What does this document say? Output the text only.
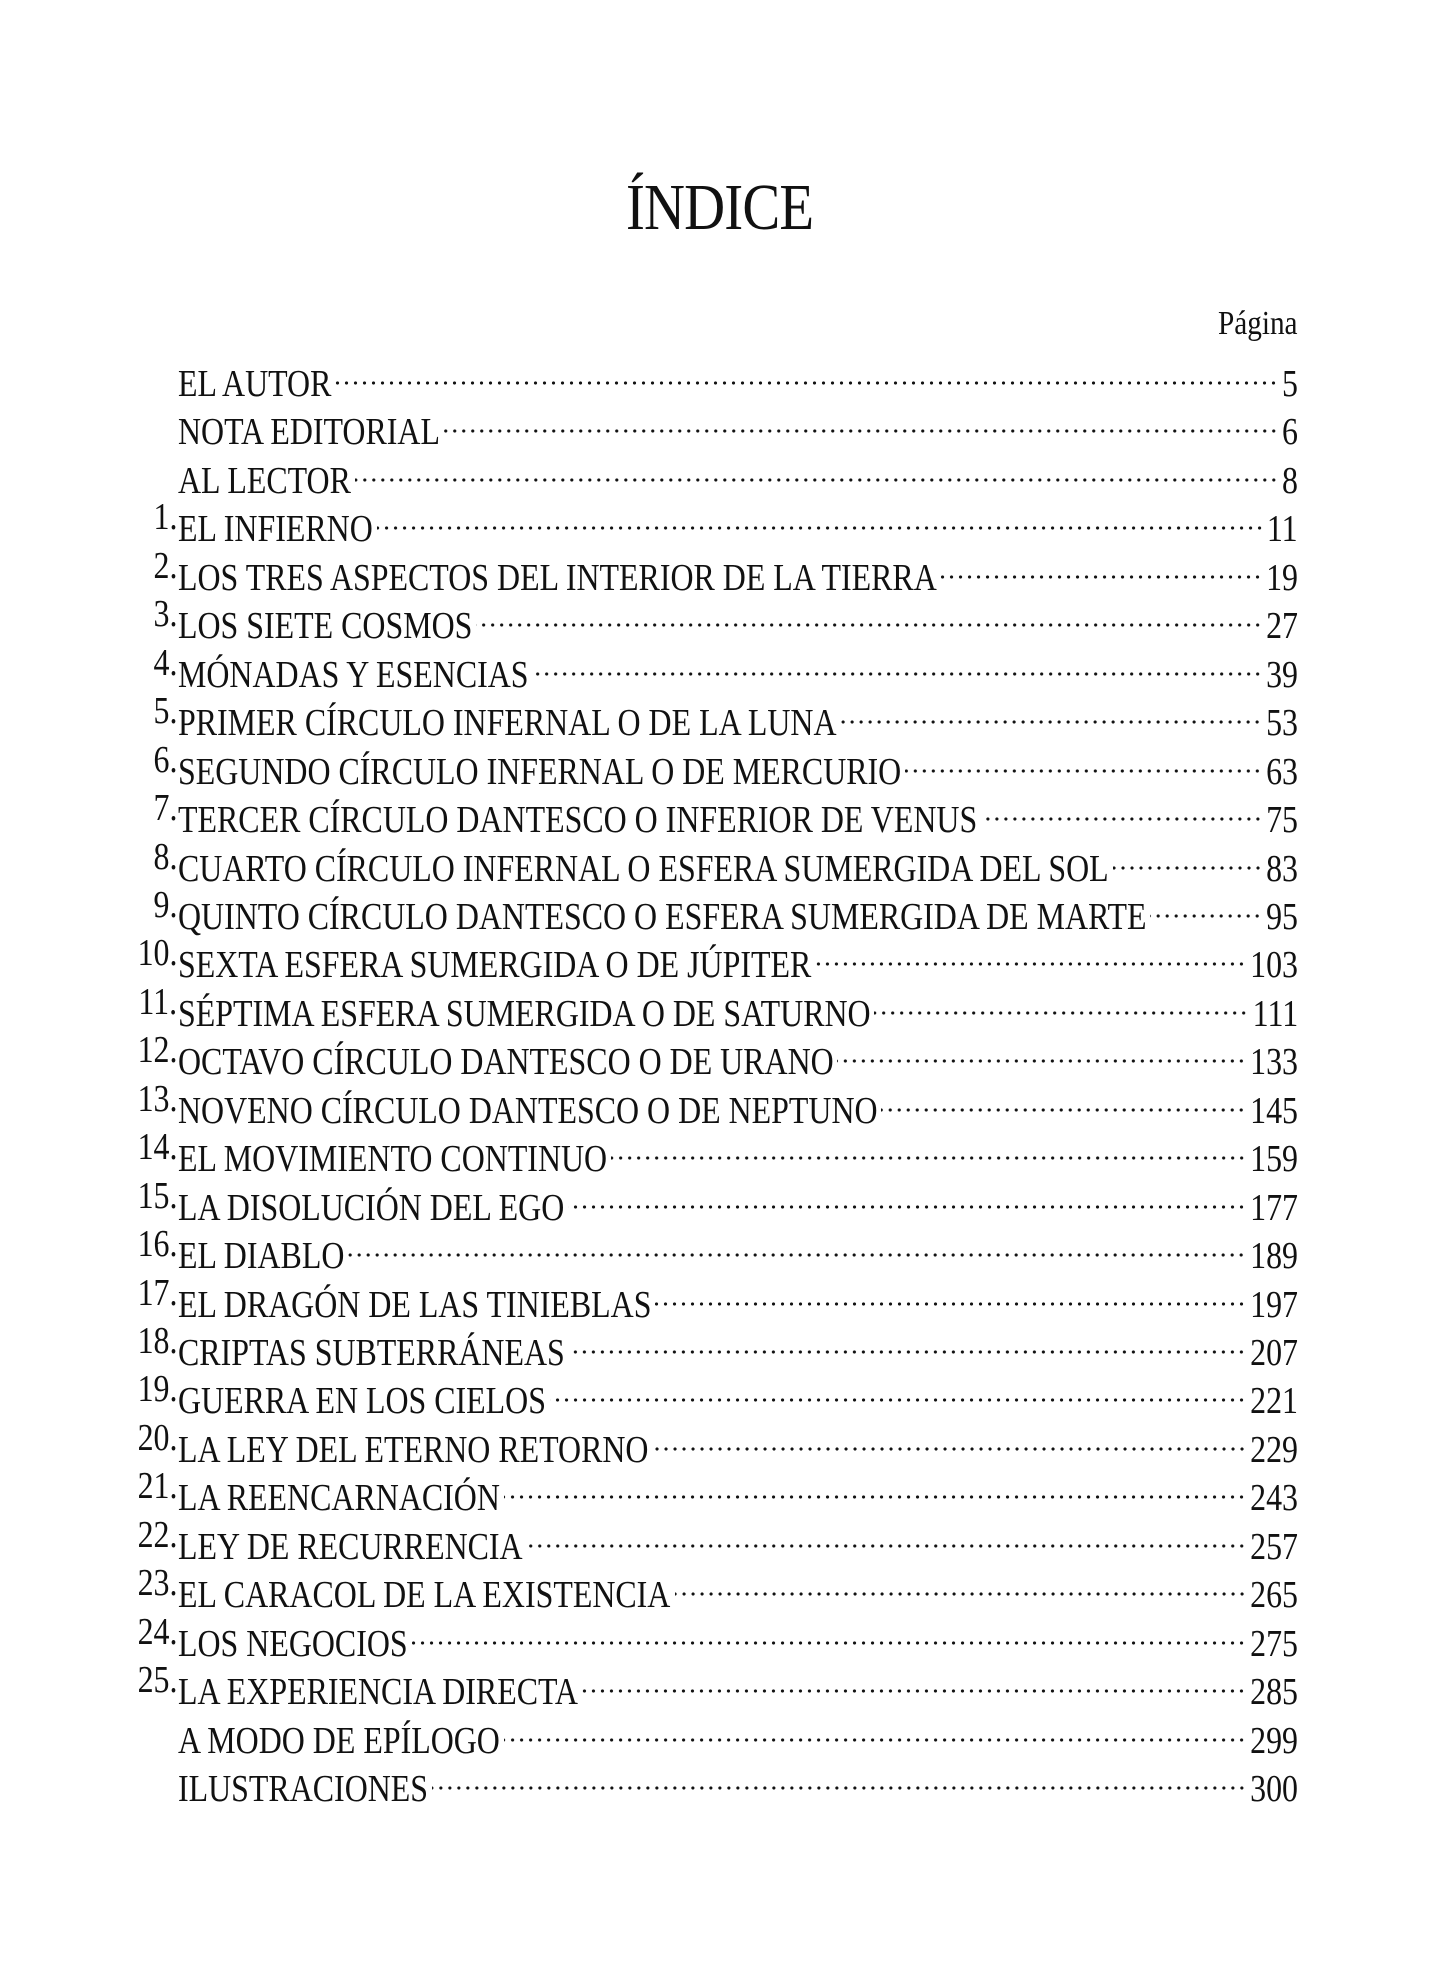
ÍNDICE
Página
EL AUTOR	5
NOTA EDITORIAL	6
AL LECTOR	8
1. EL INFIERNO	11
2. LOS TRES ASPECTOS DEL INTERIOR DE LA TIERRA	19
3. LOS SIETE COSMOS	27
4. MÓNADAS Y ESENCIAS	39
5. PRIMER CÍRCULO INFERNAL O DE LA LUNA	53
6. SEGUNDO CÍRCULO INFERNAL O DE MERCURIO	63
7. TERCER CÍRCULO DANTESCO O INFERIOR DE VENUS	75
8. CUARTO CÍRCULO INFERNAL O ESFERA SUMERGIDA DEL SOL	83
9. QUINTO CÍRCULO DANTESCO O ESFERA SUMERGIDA DE MARTE	95
10. SEXTA ESFERA SUMERGIDA O DE JÚPITER	103
11. SÉPTIMA ESFERA SUMERGIDA O DE SATURNO	111
12. OCTAVO CÍRCULO DANTESCO O DE URANO	133
13. NOVENO CÍRCULO DANTESCO O DE NEPTUNO	145
14. EL MOVIMIENTO CONTINUO	159
15. LA DISOLUCIÓN DEL EGO	177
16. EL DIABLO	189
17. EL DRAGÓN DE LAS TINIEBLAS	197
18. CRIPTAS SUBTERRÁNEAS	207
19. GUERRA EN LOS CIELOS	221
20. LA LEY DEL ETERNO RETORNO	229
21. LA REENCARNACIÓN	243
22. LEY DE RECURRENCIA	257
23. EL CARACOL DE LA EXISTENCIA	265
24. LOS NEGOCIOS	275
25. LA EXPERIENCIA DIRECTA	285
A MODO DE EPÍLOGO	299
ILUSTRACIONES	300
